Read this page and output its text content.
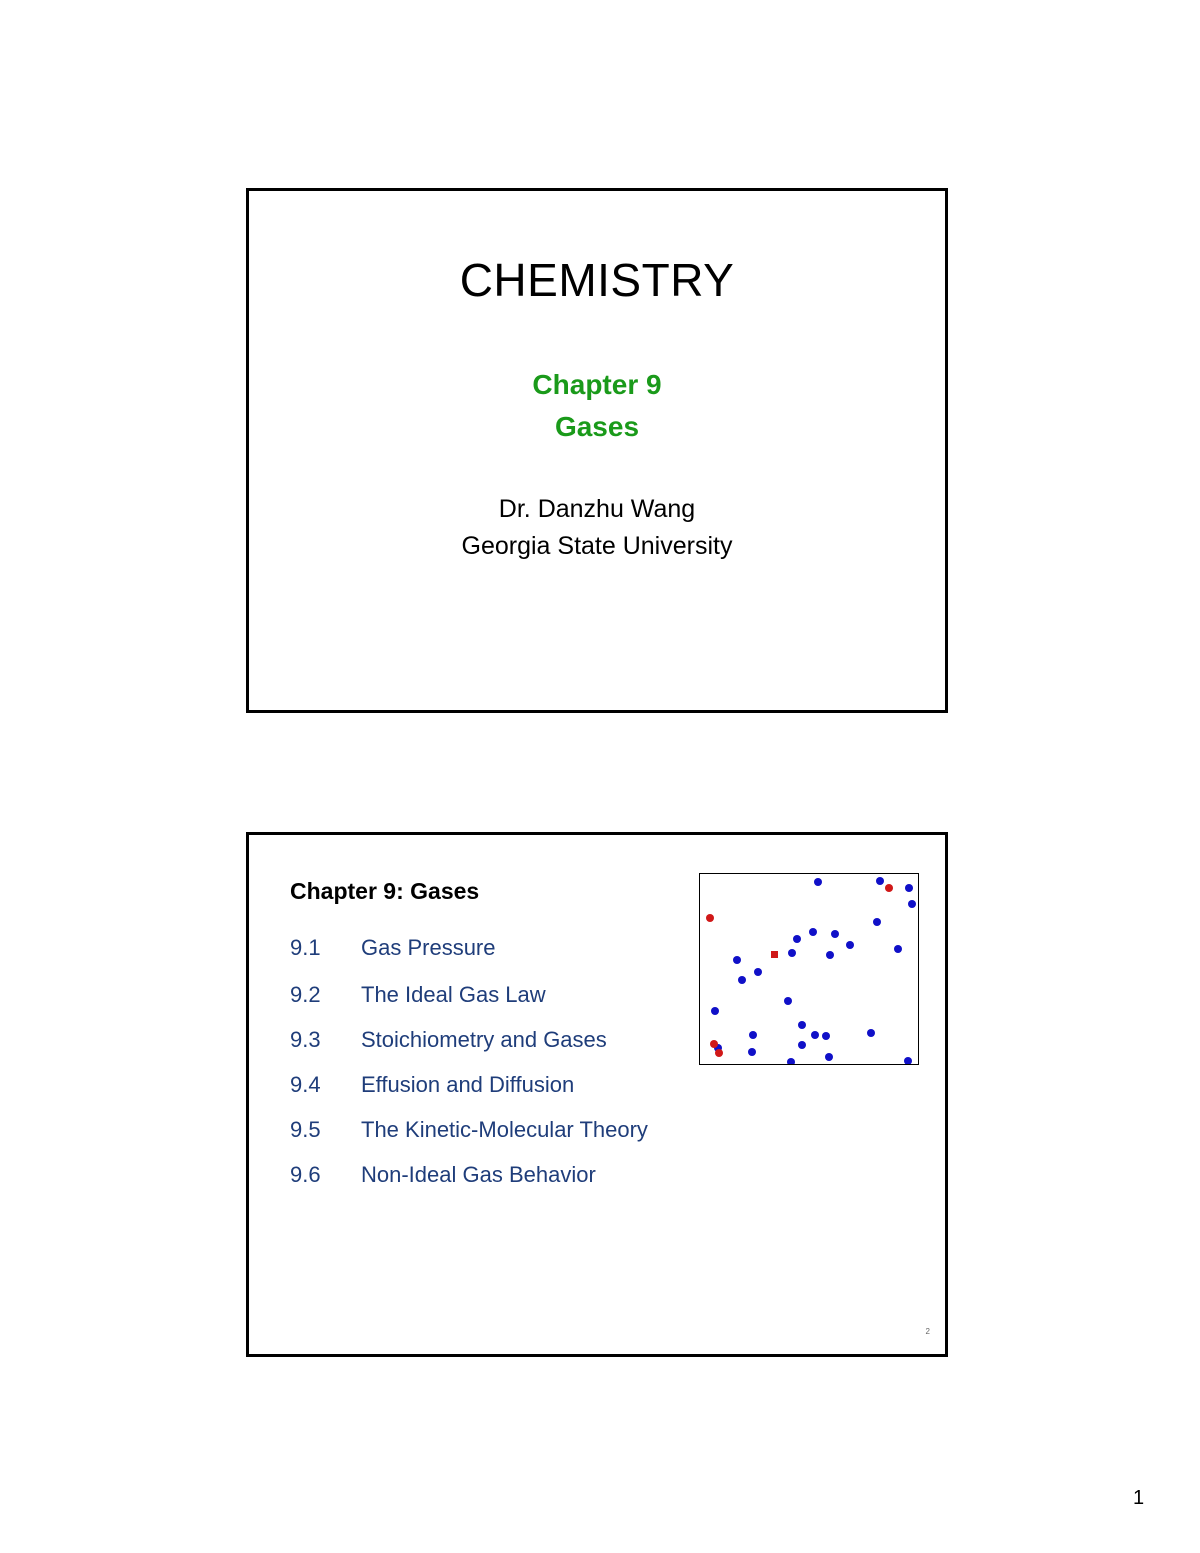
CHEMISTRY
Chapter 9
Gases
Dr. Danzhu Wang
Georgia State University
Chapter 9: Gases
9.1 Gas Pressure
9.2 The Ideal Gas Law
9.3 Stoichiometry and Gases
9.4 Effusion and Diffusion
9.5 The Kinetic-Molecular Theory
9.6 Non-Ideal Gas Behavior
2
1
